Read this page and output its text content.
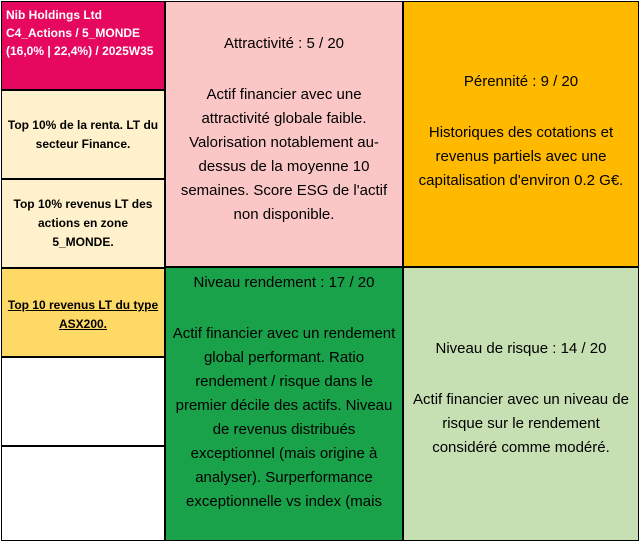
Nib Holdings Ltd
C4_Actions / 5_MONDE
(16,0% | 22,4%) / 2025W35	Attractivité : 5 / 20

Actif financier avec une attractivité globale faible. Valorisation notablement au-dessus de la moyenne 10 semaines. Score ESG de l'actif non disponible.

Pérennité : 9 / 20

Historiques des cotations et revenus partiels avec une capitalisation d'environ 0.2 G€.

Top 10% de la renta. LT du secteur Finance.
Top 10% revenus LT des actions en zone 5_MONDE.
Top 10 revenus LT du type ASX200.

Niveau rendement : 17 / 20

Actif financier avec un rendement global performant. Ratio rendement / risque dans le premier décile des actifs. Niveau de revenus distribués exceptionnel (mais origine à analyser). Surperformance exceptionnelle vs index (mais

Niveau de risque : 14 / 20

Actif financier avec un niveau de risque sur le rendement considéré comme modéré.
